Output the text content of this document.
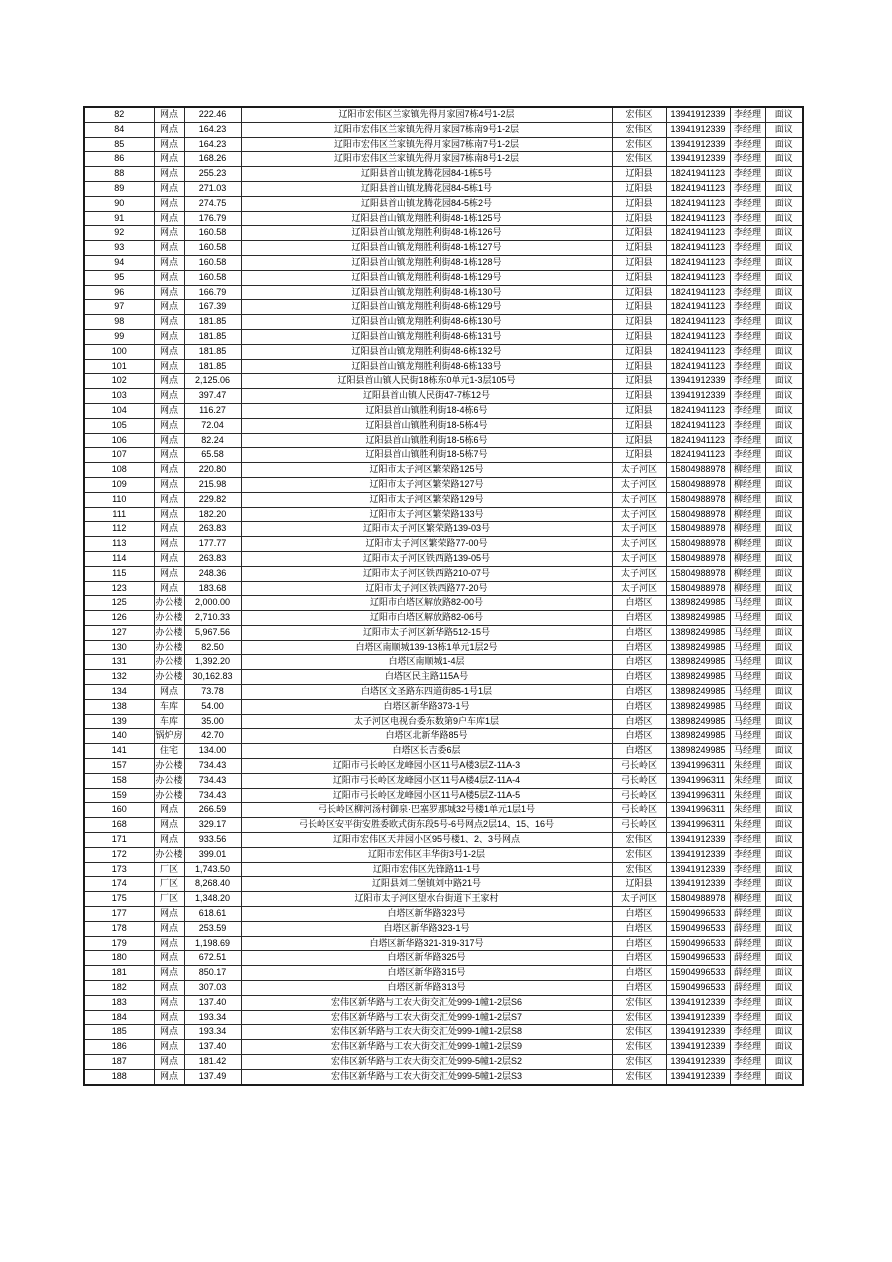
82	网点	222.46	辽阳市宏伟区兰家镇先得月家园7栋4号1-2层	宏伟区	13941912339	李经理	面议
84	网点	164.23	辽阳市宏伟区兰家镇先得月家园7栋南9号1-2层	宏伟区	13941912339	李经理	面议
85	网点	164.23	辽阳市宏伟区兰家镇先得月家园7栋南7号1-2层	宏伟区	13941912339	李经理	面议
86	网点	168.26	辽阳市宏伟区兰家镇先得月家园7栋南8号1-2层	宏伟区	13941912339	李经理	面议
88	网点	255.23	辽阳县首山镇龙腾花园84-1栋5号	辽阳县	18241941123	李经理	面议
89	网点	271.03	辽阳县首山镇龙腾花园84-5栋1号	辽阳县	18241941123	李经理	面议
90	网点	274.75	辽阳县首山镇龙腾花园84-5栋2号	辽阳县	18241941123	李经理	面议
91	网点	176.79	辽阳县首山镇龙翔胜利街48-1栋125号	辽阳县	18241941123	李经理	面议
92	网点	160.58	辽阳县首山镇龙翔胜利街48-1栋126号	辽阳县	18241941123	李经理	面议
93	网点	160.58	辽阳县首山镇龙翔胜利街48-1栋127号	辽阳县	18241941123	李经理	面议
94	网点	160.58	辽阳县首山镇龙翔胜利街48-1栋128号	辽阳县	18241941123	李经理	面议
95	网点	160.58	辽阳县首山镇龙翔胜利街48-1栋129号	辽阳县	18241941123	李经理	面议
96	网点	166.79	辽阳县首山镇龙翔胜利街48-1栋130号	辽阳县	18241941123	李经理	面议
97	网点	167.39	辽阳县首山镇龙翔胜利街48-6栋129号	辽阳县	18241941123	李经理	面议
98	网点	181.85	辽阳县首山镇龙翔胜利街48-6栋130号	辽阳县	18241941123	李经理	面议
99	网点	181.85	辽阳县首山镇龙翔胜利街48-6栋131号	辽阳县	18241941123	李经理	面议
100	网点	181.85	辽阳县首山镇龙翔胜利街48-6栋132号	辽阳县	18241941123	李经理	面议
101	网点	181.85	辽阳县首山镇龙翔胜利街48-6栋133号	辽阳县	18241941123	李经理	面议
102	网点	2,125.06	辽阳县首山镇人民街18栋东0单元1-3层105号	辽阳县	13941912339	李经理	面议
103	网点	397.47	辽阳县首山镇人民街47-7栋12号	辽阳县	13941912339	李经理	面议
104	网点	116.27	辽阳县首山镇胜利街18-4栋6号	辽阳县	18241941123	李经理	面议
105	网点	72.04	辽阳县首山镇胜利街18-5栋4号	辽阳县	18241941123	李经理	面议
106	网点	82.24	辽阳县首山镇胜利街18-5栋6号	辽阳县	18241941123	李经理	面议
107	网点	65.58	辽阳县首山镇胜利街18-5栋7号	辽阳县	18241941123	李经理	面议
108	网点	220.80	辽阳市太子河区繁荣路125号	太子河区	15804988978	柳经理	面议
109	网点	215.98	辽阳市太子河区繁荣路127号	太子河区	15804988978	柳经理	面议
110	网点	229.82	辽阳市太子河区繁荣路129号	太子河区	15804988978	柳经理	面议
111	网点	182.20	辽阳市太子河区繁荣路133号	太子河区	15804988978	柳经理	面议
112	网点	263.83	辽阳市太子河区繁荣路139-03号	太子河区	15804988978	柳经理	面议
113	网点	177.77	辽阳市太子河区繁荣路77-00号	太子河区	15804988978	柳经理	面议
114	网点	263.83	辽阳市太子河区铁西路139-05号	太子河区	15804988978	柳经理	面议
115	网点	248.36	辽阳市太子河区铁西路210-07号	太子河区	15804988978	柳经理	面议
123	网点	183.68	辽阳市太子河区铁西路77-20号	太子河区	15804988978	柳经理	面议
125	办公楼	2,000.00	辽阳市白塔区解放路82-00号	白塔区	13898249985	马经理	面议
126	办公楼	2,710.33	辽阳市白塔区解放路82-06号	白塔区	13898249985	马经理	面议
127	办公楼	5,967.56	辽阳市太子河区新华路512-15号	白塔区	13898249985	马经理	面议
130	办公楼	82.50	白塔区南顺城139-13栋1单元1层2号	白塔区	13898249985	马经理	面议
131	办公楼	1,392.20	白塔区南顺城1-4层	白塔区	13898249985	马经理	面议
132	办公楼	30,162.83	白塔区民主路115A号	白塔区	13898249985	马经理	面议
134	网点	73.78	白塔区文圣路东四道街85-1号1层	白塔区	13898249985	马经理	面议
138	车库	54.00	白塔区新华路373-1号	白塔区	13898249985	马经理	面议
139	车库	35.00	太子河区电视台委东数第9户车库1层	白塔区	13898249985	马经理	面议
140	锅炉房	42.70	白塔区北新华路85号	白塔区	13898249985	马经理	面议
141	住宅	134.00	白塔区长吉委6层	白塔区	13898249985	马经理	面议
157	办公楼	734.43	辽阳市弓长岭区龙峰园小区11号A楼3层Z-11A-3	弓长岭区	13941996311	朱经理	面议
158	办公楼	734.43	辽阳市弓长岭区龙峰园小区11号A楼4层Z-11A-4	弓长岭区	13941996311	朱经理	面议
159	办公楼	734.43	辽阳市弓长岭区龙峰园小区11号A楼5层Z-11A-5	弓长岭区	13941996311	朱经理	面议
160	网点	266.59	弓长岭区柳河汤村御泉·巴塞罗那城32号楼1单元1层1号	弓长岭区	13941996311	朱经理	面议
168	网点	329.17	弓长岭区安平街安胜委欧式街东段5号-6号网点2层14、15、16号	弓长岭区	13941996311	朱经理	面议
171	网点	933.56	辽阳市宏伟区天井园小区95号楼1、2、3号网点	宏伟区	13941912339	李经理	面议
172	办公楼	399.01	辽阳市宏伟区丰华街3号1-2层	宏伟区	13941912339	李经理	面议
173	厂区	1,743.50	辽阳市宏伟区先锋路11-1号	宏伟区	13941912339	李经理	面议
174	厂区	8,268.40	辽阳县刘二堡镇刘中路21号	辽阳县	13941912339	李经理	面议
175	厂区	1,348.20	辽阳市太子河区望水台街道下王家村	太子河区	15804988978	柳经理	面议
177	网点	618.61	白塔区新华路323号	白塔区	15904996533	薛经理	面议
178	网点	253.59	白塔区新华路323-1号	白塔区	15904996533	薛经理	面议
179	网点	1,198.69	白塔区新华路321-319-317号	白塔区	15904996533	薛经理	面议
180	网点	672.51	白塔区新华路325号	白塔区	15904996533	薛经理	面议
181	网点	850.17	白塔区新华路315号	白塔区	15904996533	薛经理	面议
182	网点	307.03	白塔区新华路313号	白塔区	15904996533	薛经理	面议
183	网点	137.40	宏伟区新华路与工农大街交汇处999-1幢1-2层S6	宏伟区	13941912339	李经理	面议
184	网点	193.34	宏伟区新华路与工农大街交汇处999-1幢1-2层S7	宏伟区	13941912339	李经理	面议
185	网点	193.34	宏伟区新华路与工农大街交汇处999-1幢1-2层S8	宏伟区	13941912339	李经理	面议
186	网点	137.40	宏伟区新华路与工农大街交汇处999-1幢1-2层S9	宏伟区	13941912339	李经理	面议
187	网点	181.42	宏伟区新华路与工农大街交汇处999-5幢1-2层S2	宏伟区	13941912339	李经理	面议
188	网点	137.49	宏伟区新华路与工农大街交汇处999-5幢1-2层S3	宏伟区	13941912339	李经理	面议
